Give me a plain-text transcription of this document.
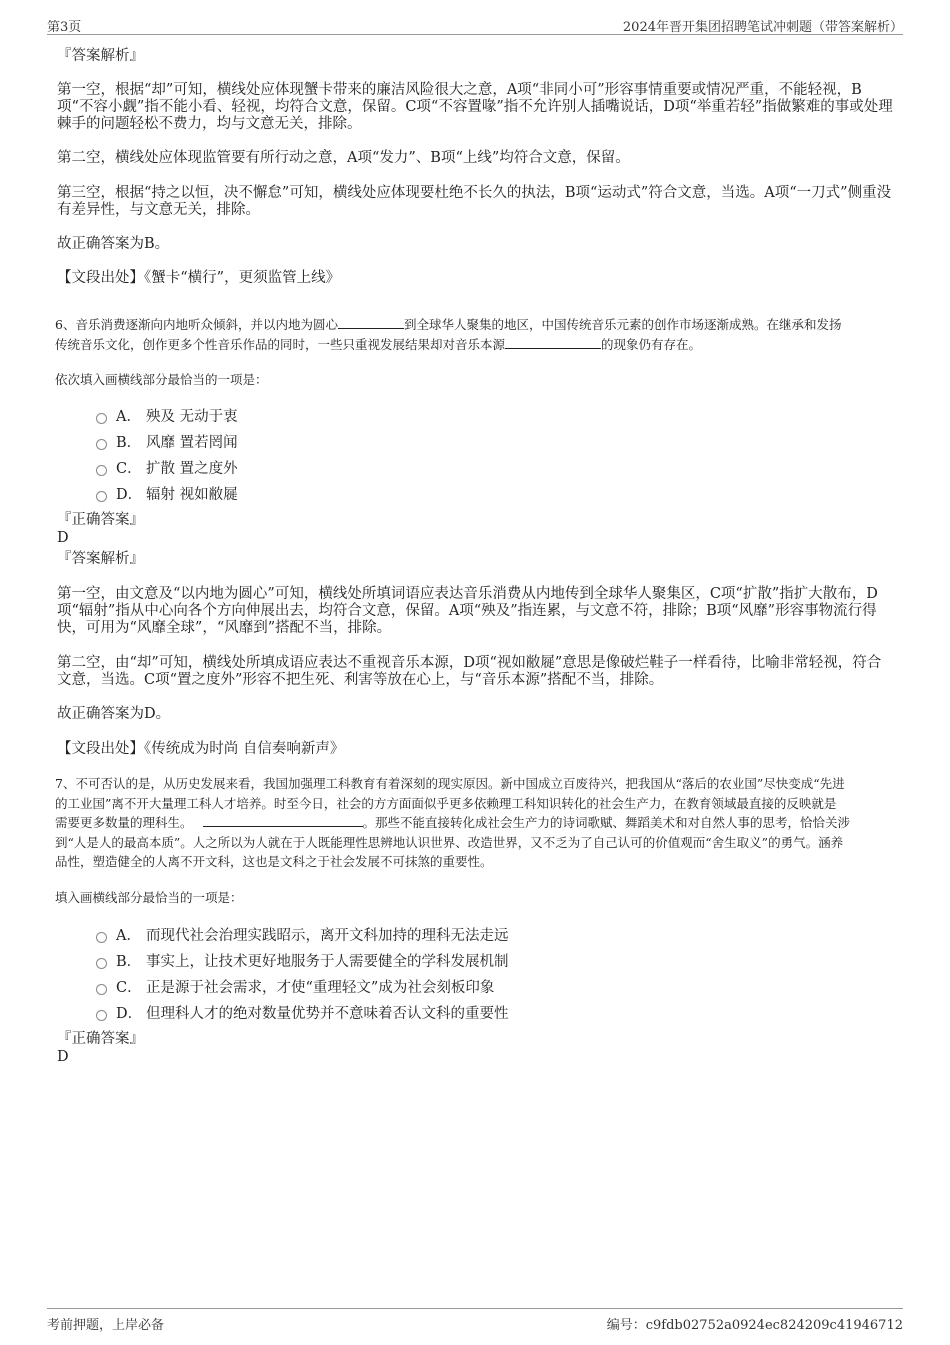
第3页	2024年晋开集团招聘笔试冲刺题（带答案解析）
『答案解析』

第一空，根据“却”可知，横线处应体现蟹卡带来的廉洁风险很大之意，A项“非同小可”形容事情重要或情况严重，不能轻视，B项“不容小觑”指不能小看、轻视，均符合文意，保留。C项“不容置喙”指不允许别人插嘴说话，D项“举重若轻”指做繁难的事或处理棘手的问题轻松不费力，均与文意无关，排除。

第二空，横线处应体现监管要有所行动之意，A项“发力”、B项“上线”均符合文意，保留。

第三空，根据“持之以恒，决不懈怠”可知，横线处应体现要杜绝不长久的执法，B项“运动式”符合文意，当选。A项“一刀式”侧重没有差异性，与文意无关，排除。

故正确答案为B。

【文段出处】《蟹卡“横行”，更须监管上线》

6、音乐消费逐渐向内地听众倾斜，并以内地为圆心	到全球华人聚集的地区，中国传统音乐元素的创作市场逐渐成熟。在继承和发扬
传统音乐文化，创作更多个性音乐作品的同时，一些只重视发展结果却对音乐本源	的现象仍有存在。
依次填入画横线部分最恰当的一项是：
A． 殃及 无动于衷
B． 风靡 置若罔闻
C． 扩散 置之度外
D． 辐射 视如敝屣
『正确答案』
D
『答案解析』

第一空，由文意及“以内地为圆心”可知，横线处所填词语应表达音乐消费从内地传到全球华人聚集区，C项“扩散”指扩大散布，D项“辐射”指从中心向各个方向伸展出去，均符合文意，保留。A项“殃及”指连累，与文意不符，排除；B项“风靡”形容事物流行得快，可用为“风靡全球”，“风靡到”搭配不当，排除。

第二空，由“却”可知，横线处所填成语应表达不重视音乐本源，D项“视如敝屣”意思是像破烂鞋子一样看待，比喻非常轻视，符合文意，当选。C项“置之度外”形容不把生死、利害等放在心上，与“音乐本源”搭配不当，排除。

故正确答案为D。

【文段出处】《传统成为时尚 自信奏响新声》

7、不可否认的是，从历史发展来看，我国加强理工科教育有着深刻的现实原因。新中国成立百废待兴，把我国从“落后的农业国”尽快变成“先进
的工业国”离不开大量理工科人才培养。时至今日，社会的方方面面似乎更多依赖理工科知识转化的社会生产力，在教育领域最直接的反映就是
需要更多数量的理科生。	。那些不能直接转化成社会生产力的诗词歌赋、舞蹈美术和对自然人事的思考，恰恰关涉
到“人是人的最高本质”。人之所以为人就在于人既能理性思辨地认识世界、改造世界，又不乏为了自己认可的价值观而“舍生取义”的勇气。涵养
品性，塑造健全的人离不开文科，这也是文科之于社会发展不可抹煞的重要性。
填入画横线部分最恰当的一项是：
A． 而现代社会治理实践昭示，离开文科加持的理科无法走远
B． 事实上，让技术更好地服务于人需要健全的学科发展机制
C． 正是源于社会需求，才使“重理轻文”成为社会刻板印象
D． 但理科人才的绝对数量优势并不意味着否认文科的重要性
『正确答案』
D
考前押题，上岸必备	编号：c9fdb02752a0924ec824209c41946712
